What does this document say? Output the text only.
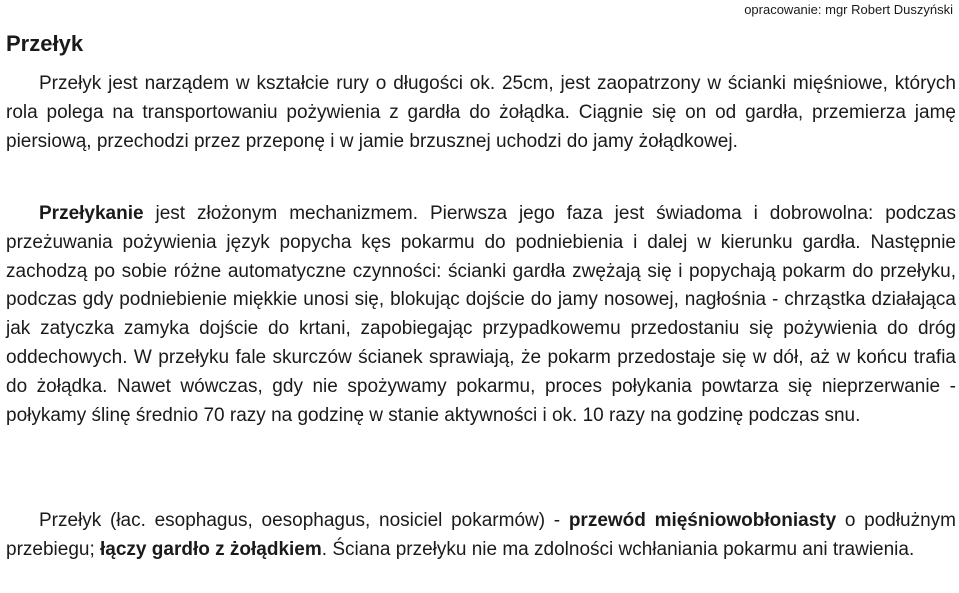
opracowanie: mgr Robert Duszyński
Przełyk

Przełyk jest narządem w kształcie rury o długości ok. 25cm, jest zaopatrzony w ścianki mięśniowe, których rola polega na transportowaniu pożywienia z gardła do żołądka. Ciągnie się on od gardła, przemierza jamę piersiową, przechodzi przez przeponę i w jamie brzusznej uchodzi do jamy żołądkowej.

Przełykanie jest złożonym mechanizmem. Pierwsza jego faza jest świadoma i dobrowolna: podczas przeżuwania pożywienia język popycha kęs pokarmu do podniebienia i dalej w kierunku gardła. Następnie zachodzą po sobie różne automatyczne czynności: ścianki gardła zwężają się i popychają pokarm do przełyku, podczas gdy podniebienie miękkie unosi się, blokując dojście do jamy nosowej, nagłośnia - chrząstka działająca jak zatyczka zamyka dojście do krtani, zapobiegając przypadkowemu przedostaniu się pożywienia do dróg oddechowych. W przełyku fale skurczów ścianek sprawiają, że pokarm przedostaje się w dół, aż w końcu trafia do żołądka. Nawet wówczas, gdy nie spożywamy pokarmu, proces połykania powtarza się nieprzerwanie - połykamy ślinę średnio 70 razy na godzinę w stanie aktywności i ok. 10 razy na godzinę podczas snu.

Przełyk (łac. esophagus, oesophagus, nosiciel pokarmów) - przewód mięśniowobłoniasty o podłużnym przebiegu; łączy gardło z żołądkiem. Ściana przełyku nie ma zdolności wchłaniania pokarmu ani trawienia.
